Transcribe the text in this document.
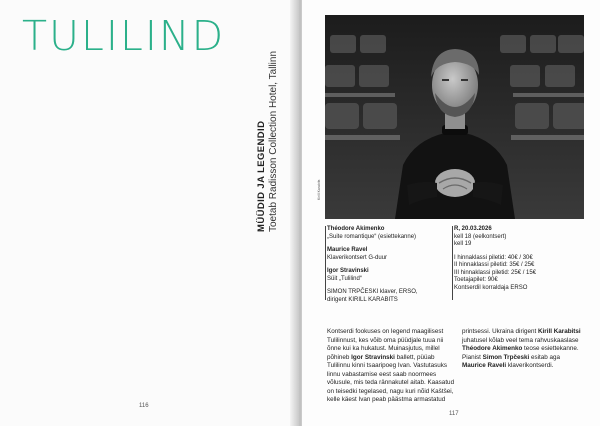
TULILIND
MÜÜDID JA LEGENDID Toetab Radisson Collection Hotel, Tallinn
116
Kirill Karabits
Théodore Akimenko
„Suite romantique“ (esiettekanne)
Maurice Ravel
Klaverikontsert G-duur
Igor Stravinski
Süit „Tulilind“
SIMON TRPČESKI klaver, ERSO,
dirigent KIRILL KARABITS
R, 20.03.2026
kell 18 (eelkontsert)
kell 19
I hinnaklassi piletid: 40€ / 30€
II hinnaklassi piletid: 35€ / 25€
III hinnaklassi piletid: 25€ / 15€
Toetajapilet: 90€
Kontserdil korraldaja ERSO
Kontserdi fookuses on legend maagilisest Tulilinnust, kes võib oma püüdjale tuua nii õnne kui ka hukatust. Muinasjutus, millel põhineb Igor Stravinski ballett, püüab Tulilinnu kinni tsaaripoeg Ivan. Vastutasuks linnu vabastamise eest saab noormees võlusule, mis teda rännakutel aitab. Kaasatud on teisedki tegelased, nagu kuri nõid Kaštšei, kelle käest Ivan peab päästma armastatud
printsessi. Ukraina dirigent Kirill Karabitsi juhatusel kõlab veel tema rahvuskaaslase Théodore Akimenko teose esiettekanne. Pianist Simon Trpčeski esitab aga Maurice Raveli klaverikontserdi.
117
